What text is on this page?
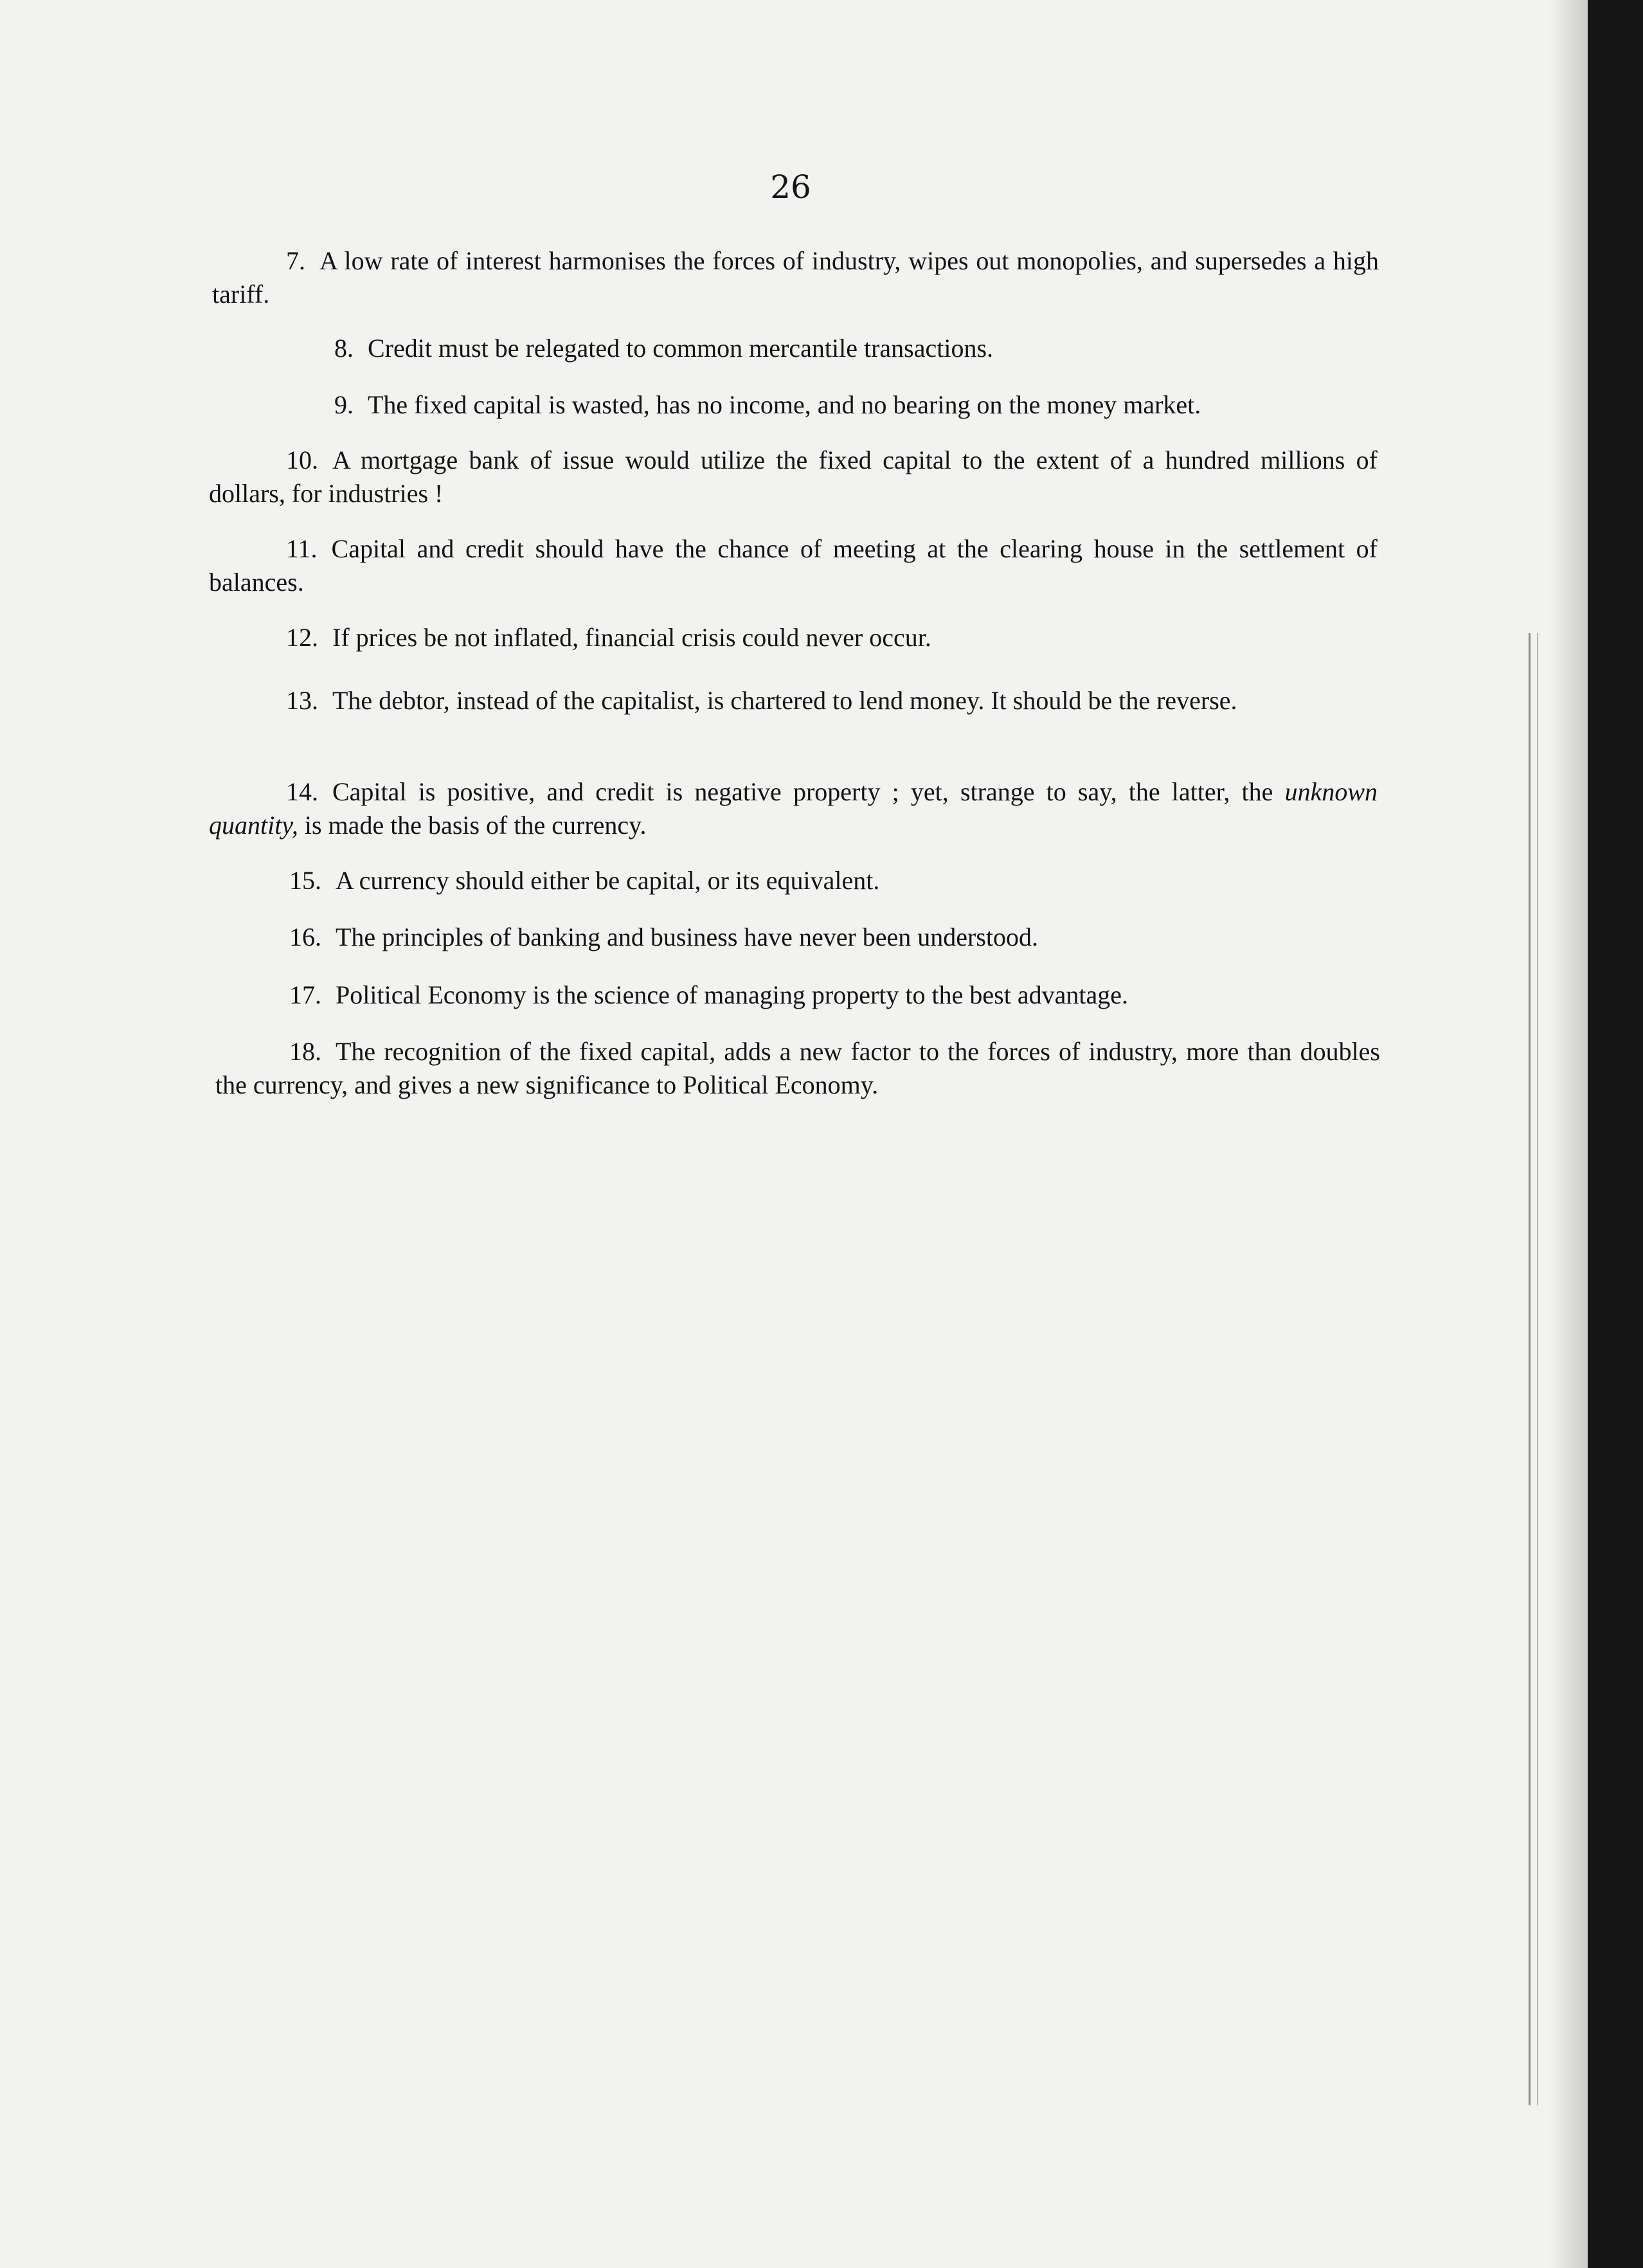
26

7. A low rate of interest harmonises the forces of industry, wipes out monopolies, and supersedes a high tariff.

8. Credit must be relegated to common mercantile transactions.

9. The fixed capital is wasted, has no income, and no bearing on the money market.

10. A mortgage bank of issue would utilize the fixed capital to the extent of a hundred millions of dollars, for industries !

11. Capital and credit should have the chance of meeting at the clearing house in the settlement of balances.

12. If prices be not inflated, financial crisis could never occur.

13. The debtor, instead of the capitalist, is chartered to lend money. It should be the reverse.

14. Capital is positive, and credit is negative property ; yet, strange to say, the latter, the unknown quantity, is made the basis of the currency.

15. A currency should either be capital, or its equivalent.

16. The principles of banking and business have never been understood.

17. Political Economy is the science of managing property to the best advantage.

18. The recognition of the fixed capital, adds a new factor to the forces of industry, more than doubles the currency, and gives a new significance to Political Economy.
